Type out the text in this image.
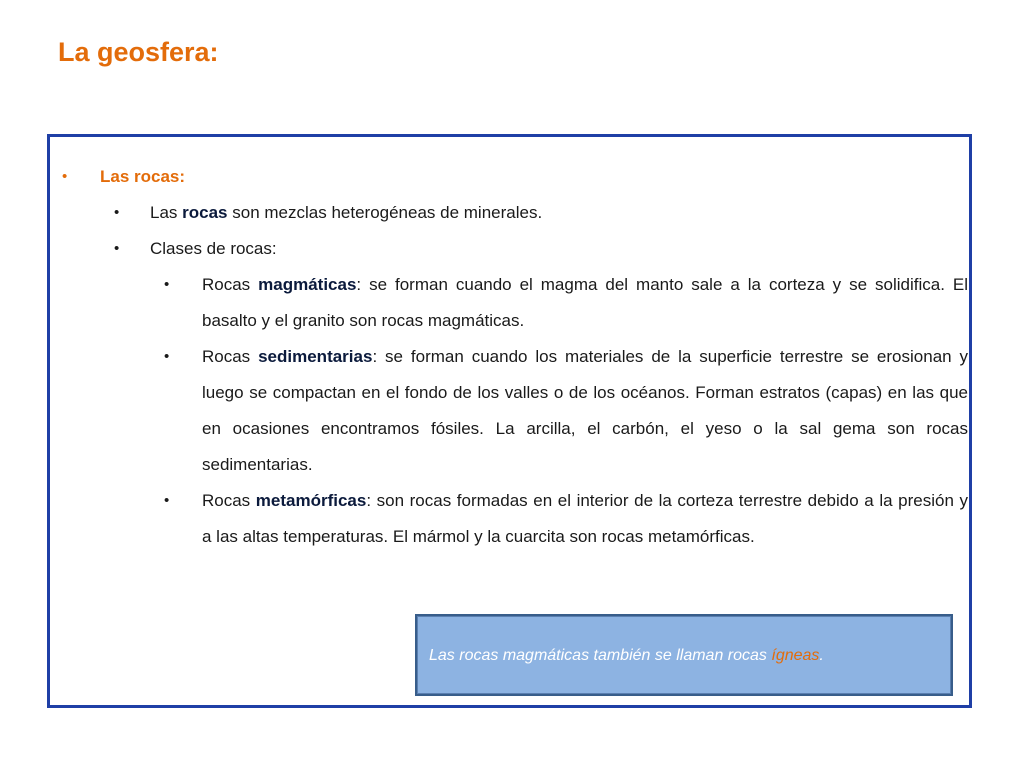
La geosfera:
• Las rocas:
• Las rocas son mezclas heterogéneas de minerales.
• Clases de rocas:
• Rocas magmáticas: se forman cuando el magma del manto sale a la corteza y se solidifica. El basalto y el granito son rocas magmáticas.
• Rocas sedimentarias: se forman cuando los materiales de la superficie terrestre se erosionan y luego se compactan en el fondo de los valles o de los océanos. Forman estratos (capas) en las que en ocasiones encontramos fósiles. La arcilla, el carbón, el yeso o la sal gema son rocas sedimentarias.
• Rocas metamórficas: son rocas formadas en el interior de la corteza terrestre debido a la presión y a las altas temperaturas. El mármol y la cuarcita son rocas metamórficas.
Las rocas magmáticas también se llaman rocas ígneas.
